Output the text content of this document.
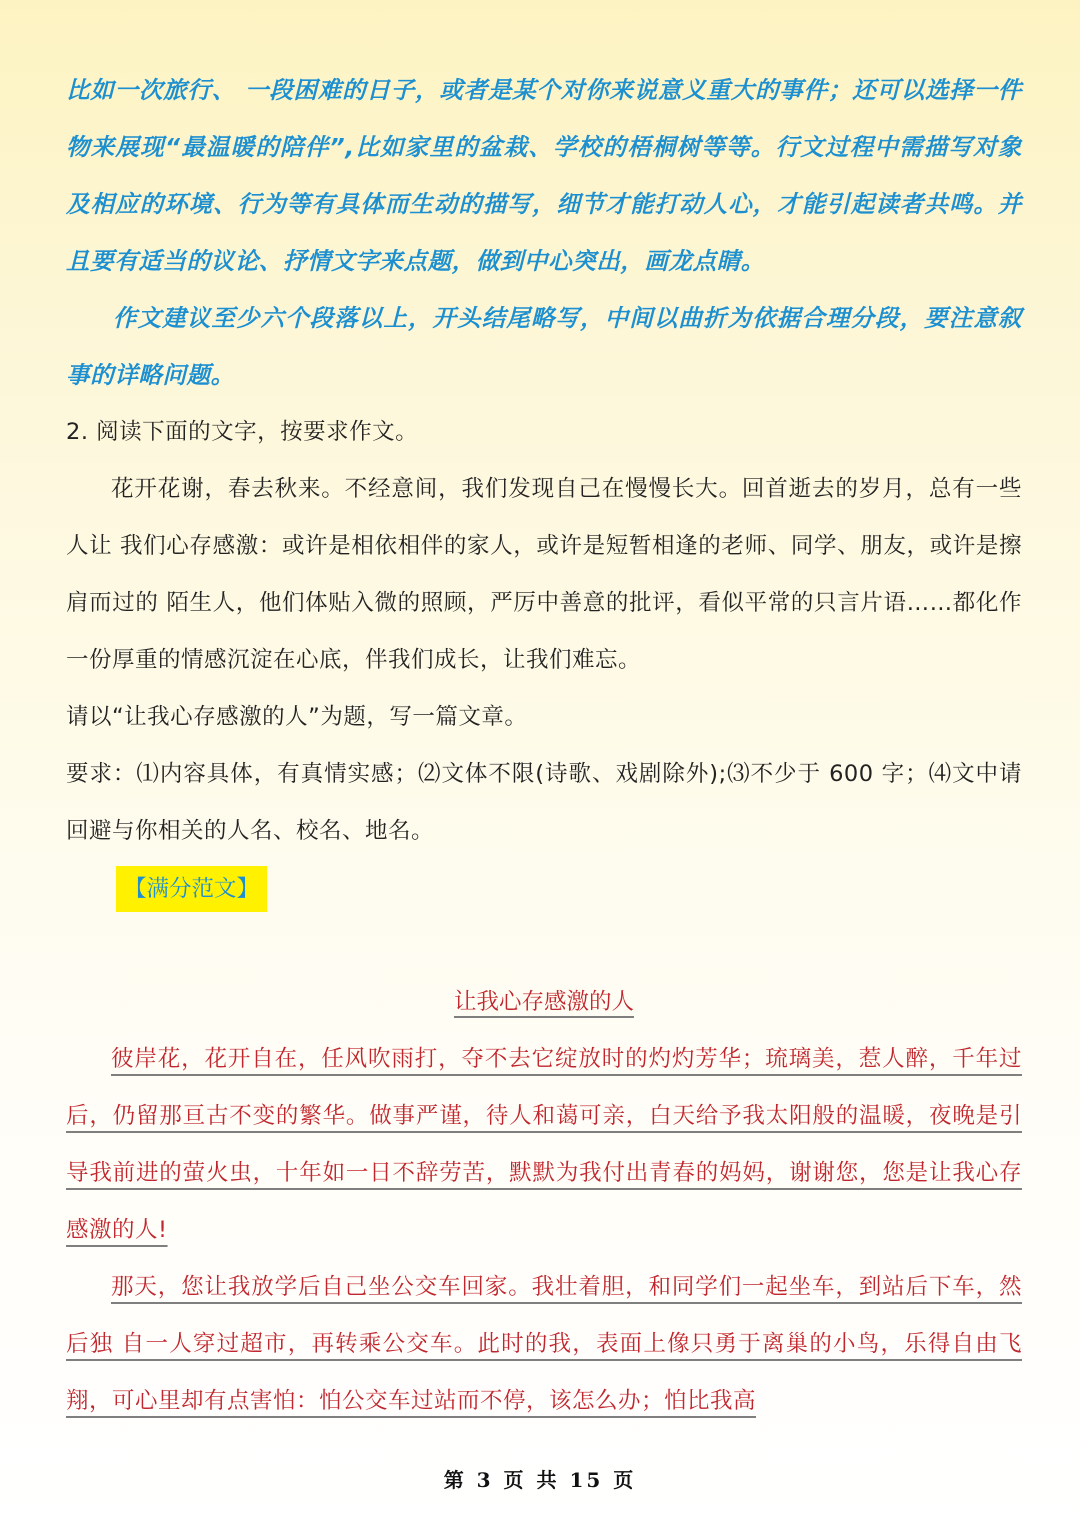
比如一次旅行、 一段困难的日子，或者是某个对你来说意义重大的事件；还可以选择一件物来展现“最温暖的陪伴”,比如家里的盆栽、学校的梧桐树等等。行文过程中需描写对象及相应的环境、行为等有具体而生动的描写，细节才能打动人心，才能引起读者共鸣。并且要有适当的议论、抒情文字来点题，做到中心突出，画龙点睛。

作文建议至少六个段落以上，开头结尾略写，中间以曲折为依据合理分段，要注意叙事的详略问题。

2. 阅读下面的文字，按要求作文。

花开花谢，春去秋来。不经意间，我们发现自己在慢慢长大。回首逝去的岁月，总有一些人让 我们心存感激：或许是相依相伴的家人，或许是短暂相逢的老师、同学、朋友，或许是擦肩而过的 陌生人，他们体贴入微的照顾，严厉中善意的批评，看似平常的只言片语……都化作一份厚重的情感沉淀在心底，伴我们成长，让我们难忘。

请以“让我心存感激的人”为题，写一篇文章。

要求：⑴内容具体，有真情实感；⑵文体不限(诗歌、戏剧除外);⑶不少于 600 字；⑷文中请回避与你相关的人名、校名、地名。

【满分范文】
让我心存感激的人

彼岸花，花开自在，任风吹雨打，夺不去它绽放时的灼灼芳华；琉璃美，惹人醉，千年过后，仍留那亘古不变的繁华。做事严谨，待人和蔼可亲，白天给予我太阳般的温暖，夜晚是引导我前进的萤火虫，十年如一日不辞劳苦，默默为我付出青春的妈妈，谢谢您，您是让我心存感激的人!

那天，您让我放学后自己坐公交车回家。我壮着胆，和同学们一起坐车，到站后下车，然后独 自一人穿过超市，再转乘公交车。此时的我，表面上像只勇于离巢的小鸟，乐得自由飞翔，可心里却有点害怕：怕公交车过站而不停，该怎么办；怕比我高

第 3 页 共 15 页
